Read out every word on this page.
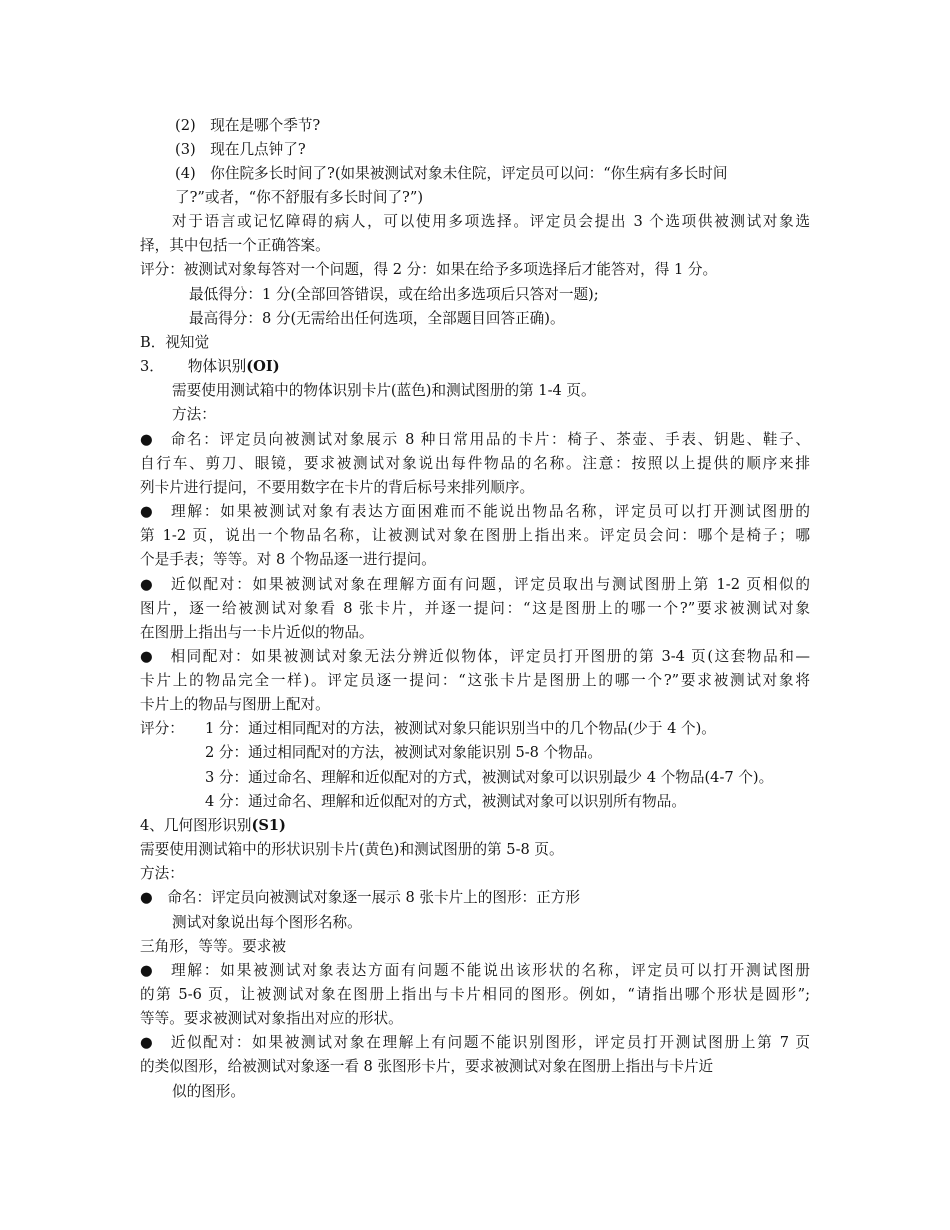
(2)　现在是哪个季节?
(3)　现在几点钟了?
(4)　你住院多长时间了?(如果被测试对象未住院，评定员可以问：“你生病有多长时间
了?”或者，“你不舒服有多长时间了?”)
对于语言或记忆障碍的病人，可以使用多项选择。评定员会提出 3 个选项供被测试对象选
择，其中包括一个正确答案。
评分：被测试对象每答对一个问题，得 2 分：如果在给予多项选择后才能答对，得 1 分。
最低得分：1 分(全部回答错误，或在给出多选项后只答对一题);
最高得分：8 分(无需给出任何选项，全部题目回答正确)。
B．视知觉
3． 物体识别(OI)
需要使用测试箱中的物体识别卡片(蓝色)和测试图册的第 1-4 页。
方法：
●　命名：评定员向被测试对象展示 8 种日常用品的卡片：椅子、茶壶、手表、钥匙、鞋子、
自行车、剪刀、眼镜，要求被测试对象说出每件物品的名称。注意：按照以上提供的顺序来排
列卡片进行提问，不要用数字在卡片的背后标号来排列顺序。
●　理解：如果被测试对象有表达方面困难而不能说出物品名称，评定员可以打开测试图册的
第 1-2 页，说出一个物品名称，让被测试对象在图册上指出来。评定员会问：哪个是椅子；哪
个是手表；等等。对 8 个物品逐一进行提问。
●　近似配对：如果被测试对象在理解方面有问题，评定员取出与测试图册上第 1-2 页相似的
图片，逐一给被测试对象看 8 张卡片，并逐一提问：“这是图册上的哪一个?”要求被测试对象
在图册上指出与一卡片近似的物品。
●　相同配对：如果被测试对象无法分辨近似物体，评定员打开图册的第 3-4 页(这套物品和—
卡片上的物品完全一样)。评定员逐一提问：“这张卡片是图册上的哪一个?”要求被测试对象将
卡片上的物品与图册上配对。
评分： 1 分：通过相同配对的方法，被测试对象只能识别当中的几个物品(少于 4 个)。
2 分：通过相同配对的方法，被测试对象能识别 5-8 个物品。
3 分：通过命名、理解和近似配对的方式，被测试对象可以识别最少 4 个物品(4-7 个)。
4 分：通过命名、理解和近似配对的方式，被测试对象可以识别所有物品。
4、几何图形识别(S1)
需要使用测试箱中的形状识别卡片(黄色)和测试图册的第 5-8 页。
方法：
●　命名：评定员向被测试对象逐一展示 8 张卡片上的图形：正方形
测试对象说出每个图形名称。
三角形，等等。要求被
●　理解：如果被测试对象表达方面有问题不能说出该形状的名称，评定员可以打开测试图册
的第 5-6 页，让被测试对象在图册上指出与卡片相同的图形。例如，“请指出哪个形状是圆形”;
等等。要求被测试对象指出对应的形状。
●　近似配对：如果被测试对象在理解上有问题不能识别图形，评定员打开测试图册上第 7 页
的类似图形，给被测试对象逐一看 8 张图形卡片，要求被测试对象在图册上指出与卡片近
似的图形。
